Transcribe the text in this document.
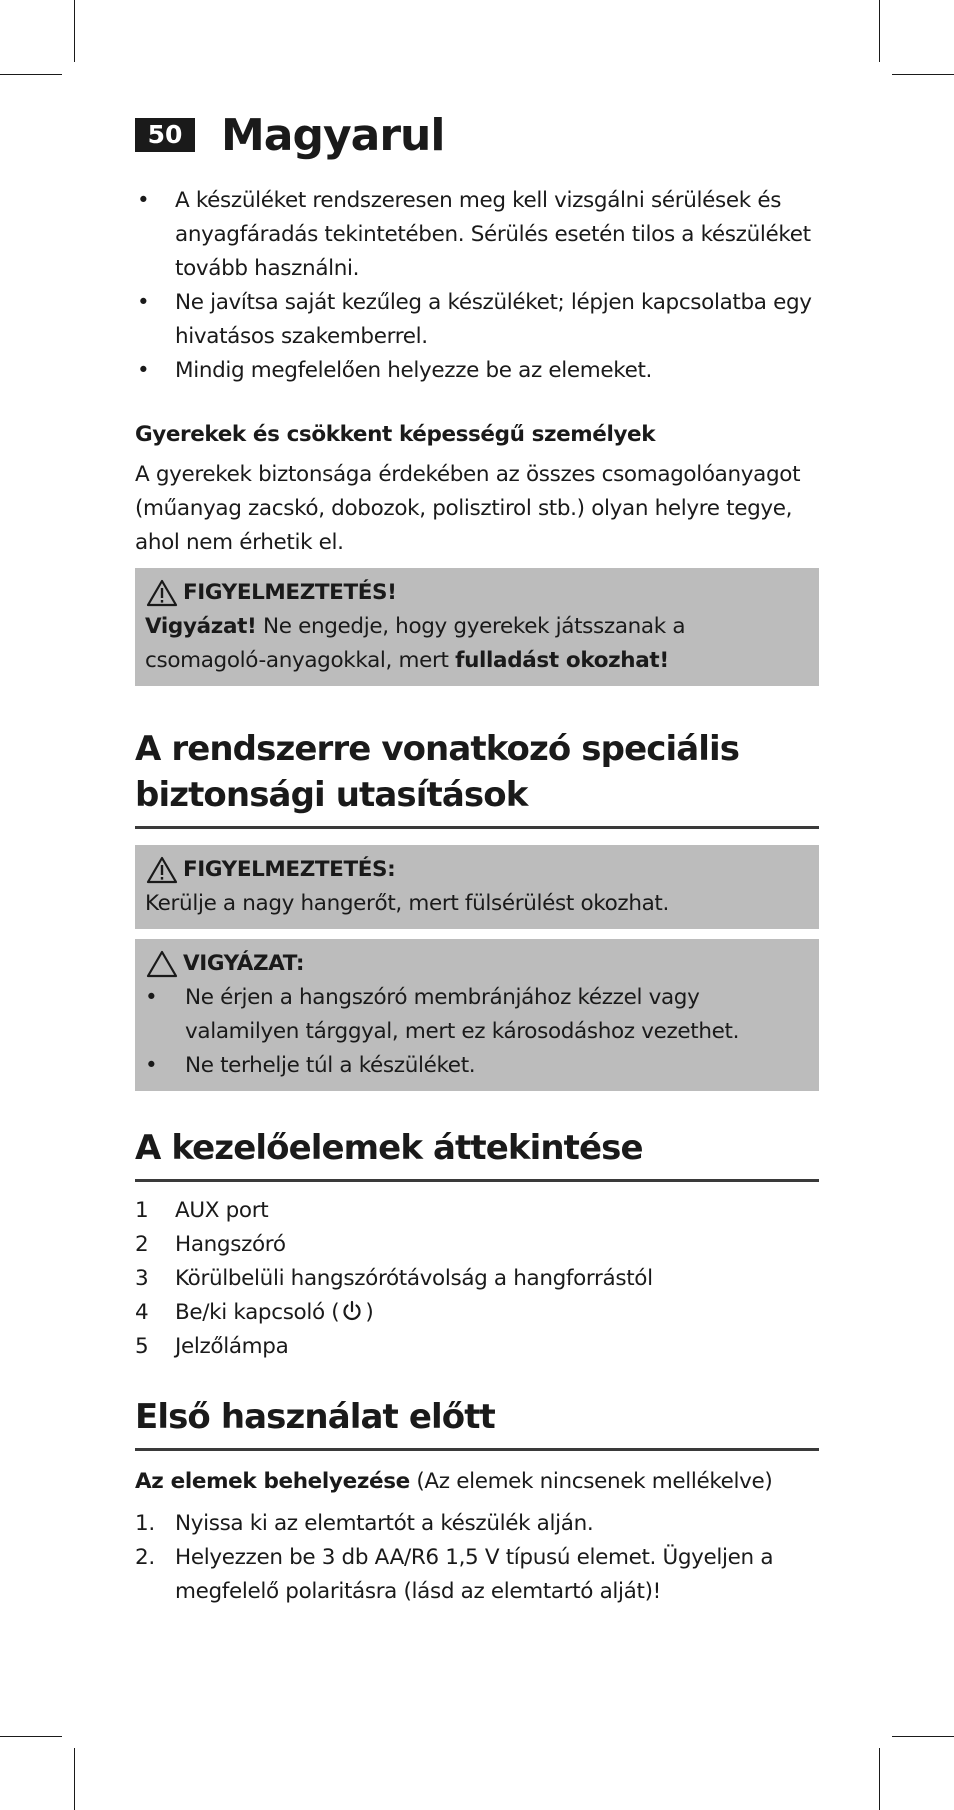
50 Magyarul
• A készüléket rendszeresen meg kell vizsgálni sérülések és anyagfáradás tekintetében. Sérülés esetén tilos a készüléket tovább használni.
• Ne javítsa saját kezűleg a készüléket; lépjen kapcsolatba egy hivatásos szakemberrel.
• Mindig megfelelően helyezze be az elemeket.
Gyerekek és csökkent képességű személyek

A gyerekek biztonsága érdekében az összes csomagolóanyagot (műanyag zacskó, dobozok, polisztirol stb.) olyan helyre tegye, ahol nem érhetik el.

FIGYELMEZTETÉS!

Vigyázat! Ne engedje, hogy gyerekek játsszanak a csomagoló-anyagokkal, mert fulladást okozhat!

A rendszerre vonatkozó speciális biztonsági utasítások
FIGYELMEZTETÉS:

Kerülje a nagy hangerőt, mert fülsérülést okozhat.

VIGYÁZAT:
• Ne érjen a hangszóró membránjához kézzel vagy valamilyen tárggyal, mert ez károsodáshoz vezethet.
• Ne terhelje túl a készüléket.
A kezelőelemek áttekintése
1	AUX port
2	Hangszóró
3	Körülbelüli hangszórótávolság a hangforrástól
4	Be/ki kapcsoló ( )
5	Jelzőlámpa
Első használat előtt

Az elemek behelyezése (Az elemek nincsenek mellékelve)

1. Nyissa ki az elemtartót a készülék alján.
2. Helyezzen be 3 db AA/R6 1,5 V típusú elemet. Ügyeljen a megfelelő polaritásra (lásd az elemtartó alját)!
